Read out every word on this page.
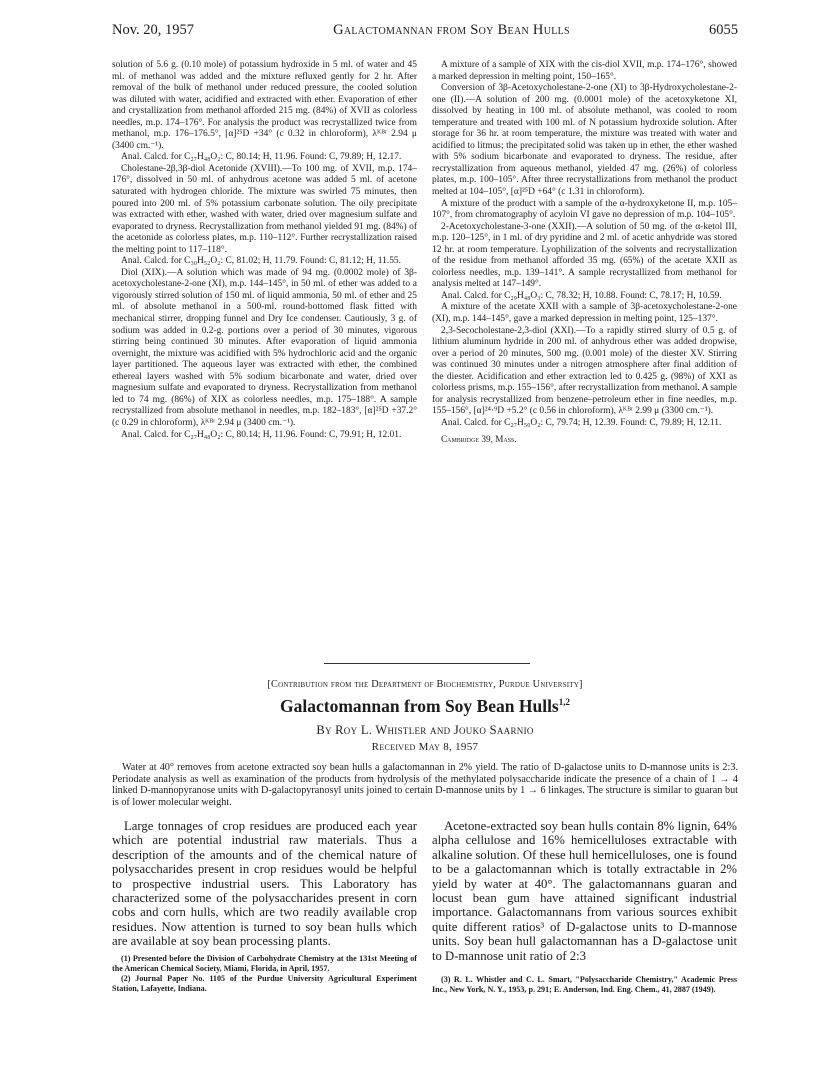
Nov. 20, 1957	Galactomannan from Soy Bean Hulls	6055

solution of 5.6 g. (0.10 mole) of potassium hydroxide in 5 ml. of water and 45 ml. of methanol was added and the mixture refluxed gently for 2 hr. After removal of the bulk of methanol under reduced pressure, the cooled solution was diluted with water, acidified and extracted with ether. Evaporation of ether and crystallization from methanol afforded 215 mg. (84%) of XVII as colorless needles, m.p. 174–176°. For analysis the product was recrystallized twice from methanol, m.p. 176–176.5°, [α]²⁵D +34° (c 0.32 in chloroform), λᴷᴮʳ 2.94 μ (3400 cm.⁻¹).

Anal. Calcd. for C₂₇H₄₈O₂: C, 80.14; H, 11.96. Found: C, 79.89; H, 12.17.

Cholestane-2β,3β-diol Acetonide (XVIII).—To 100 mg. of XVII, m.p. 174–176°, dissolved in 50 ml. of anhydrous acetone was added 5 ml. of acetone saturated with hydrogen chloride. The mixture was swirled 75 minutes, then poured into 200 ml. of 5% potassium carbonate solution. The oily precipitate was extracted with ether, washed with water, dried over magnesium sulfate and evaporated to dryness. Recrystallization from methanol yielded 91 mg. (84%) of the acetonide as colorless plates, m.p. 110–112°. Further recrystallization raised the melting point to 117–118°.

Anal. Calcd. for C₃₀H₅₂O₂: C, 81.02; H, 11.79. Found: C, 81.12; H, 11.55.

Diol (XIX).—A solution which was made of 94 mg. (0.0002 mole) of 3β-acetoxycholestane-2-one (XI), m.p. 144–145°, in 50 ml. of ether was added to a vigorously stirred solution of 150 ml. of liquid ammonia, 50 ml. of ether and 25 ml. of absolute methanol in a 500-ml. round-bottomed flask fitted with mechanical stirrer, dropping funnel and Dry Ice condenser. Cautiously, 3 g. of sodium was added in 0.2-g. portions over a period of 30 minutes, vigorous stirring being continued 30 minutes. After evaporation of liquid ammonia overnight, the mixture was acidified with 5% hydrochloric acid and the organic layer partitioned. The aqueous layer was extracted with ether, the combined ethereal layers washed with 5% sodium bicarbonate and water, dried over magnesium sulfate and evaporated to dryness. Recrystallization from methanol led to 74 mg. (86%) of XIX as colorless needles, m.p. 175–188°. A sample recrystallized from absolute methanol in needles, m.p. 182–183°, [α]²⁵D +37.2° (c 0.29 in chloroform), λᴷᴮʳ 2.94 μ (3400 cm.⁻¹).

Anal. Calcd. for C₂₇H₄₈O₂: C, 80.14; H, 11.96. Found: C, 79.91; H, 12.01.

A mixture of a sample of XIX with the cis-diol XVII, m.p. 174–176°, showed a marked depression in melting point, 150–165°.

Conversion of 3β-Acetoxycholestane-2-one (XI) to 3β-Hydroxycholestane-2-one (II).—A solution of 200 mg. (0.0001 mole) of the acetoxyketone XI, dissolved by heating in 100 ml. of absolute methanol, was cooled to room temperature and treated with 100 ml. of N potassium hydroxide solution. After storage for 36 hr. at room temperature, the mixture was treated with water and acidified to litmus; the precipitated solid was taken up in ether, the ether washed with 5% sodium bicarbonate and evaporated to dryness. The residue, after recrystallization from aqueous methanol, yielded 47 mg. (26%) of colorless plates, m.p. 100–105°. After three recrystallizations from methanol the product melted at 104–105°, [α]²⁵D +64° (c 1.31 in chloroform).

A mixture of the product with a sample of the α-hydroxyketone II, m.p. 105–107°, from chromatography of acyloin VI gave no depression of m.p. 104–105°.

2-Acetoxycholestane-3-one (XXII).—A solution of 50 mg. of the α-ketol III, m.p. 120–125°, in 1 ml. of dry pyridine and 2 ml. of acetic anhydride was stored 12 hr. at room temperature. Lyophilization of the solvents and recrystallization of the residue from methanol afforded 35 mg. (65%) of the acetate XXII as colorless needles, m.p. 139–141°. A sample recrystallized from methanol for analysis melted at 147–149°.

Anal. Calcd. for C₂₉H₄₈O₃: C, 78.32; H, 10.88. Found: C, 78.17; H, 10.59.

A mixture of the acetate XXII with a sample of 3β-acetoxycholestane-2-one (XI), m.p. 144–145°, gave a marked depression in melting point, 125–137°.

2,3-Secocholestane-2,3-diol (XXI).—To a rapidly stirred slurry of 0.5 g. of lithium aluminum hydride in 200 ml. of anhydrous ether was added dropwise, over a period of 20 minutes, 500 mg. (0.001 mole) of the diester XV. Stirring was continued 30 minutes under a nitrogen atmosphere after final addition of the diester. Acidification and ether extraction led to 0.425 g. (98%) of XXI as colorless prisms, m.p. 155–156°, after recrystallization from methanol. A sample for analysis recrystallized from benzene–petroleum ether in fine needles, m.p. 155–156°, [α]²⁴·⁹D +5.2° (c 0.56 in chloroform), λᴷᴮʳ 2.99 μ (3300 cm.⁻¹).

Anal. Calcd. for C₂₇H₅₀O₂: C, 79.74; H, 12.39. Found: C, 79.89; H, 12.11.

Cambridge 39, Mass.

[Contribution from the Department of Biochemistry, Purdue University]
Galactomannan from Soy Bean Hulls$^{1,2}$
By Roy L. Whistler and Jouko Saarnio
Received May 8, 1957
Water at 40° removes from acetone extracted soy bean hulls a galactomannan in 2% yield. The ratio of D-galactose units to D-mannose units is 2:3. Periodate analysis as well as examination of the products from hydrolysis of the methylated polysaccharide indicate the presence of a chain of 1 → 4 linked D-mannopyranose units with D-galactopyranosyl units joined to certain D-mannose units by 1 → 6 linkages. The structure is similar to guaran but is of lower molecular weight.

Large tonnages of crop residues are produced each year which are potential industrial raw materials. Thus a description of the amounts and of the chemical nature of polysaccharides present in crop residues would be helpful to prospective industrial users. This Laboratory has characterized some of the polysaccharides present in corn cobs and corn hulls, which are two readily available crop residues. Now attention is turned to soy bean hulls which are available at soy bean processing plants.

(1) Presented before the Division of Carbohydrate Chemistry at the 131st Meeting of the American Chemical Society, Miami, Florida, in April, 1957.

(2) Journal Paper No. 1105 of the Purdue University Agricultural Experiment Station, Lafayette, Indiana.

Acetone-extracted soy bean hulls contain 8% lignin, 64% alpha cellulose and 16% hemicelluloses extractable with alkaline solution. Of these hull hemicelluloses, one is found to be a galactomannan which is totally extractable in 2% yield by water at 40°. The galactomannans guaran and locust bean gum have attained significant industrial importance. Galactomannans from various sources exhibit quite different ratios³ of D-galactose units to D-mannose units. Soy bean hull galactomannan has a D-galactose unit to D-mannose unit ratio of 2:3

(3) R. L. Whistler and C. L. Smart, "Polysaccharide Chemistry," Academic Press Inc., New York, N. Y., 1953, p. 291; E. Anderson, Ind. Eng. Chem., 41, 2887 (1949).
